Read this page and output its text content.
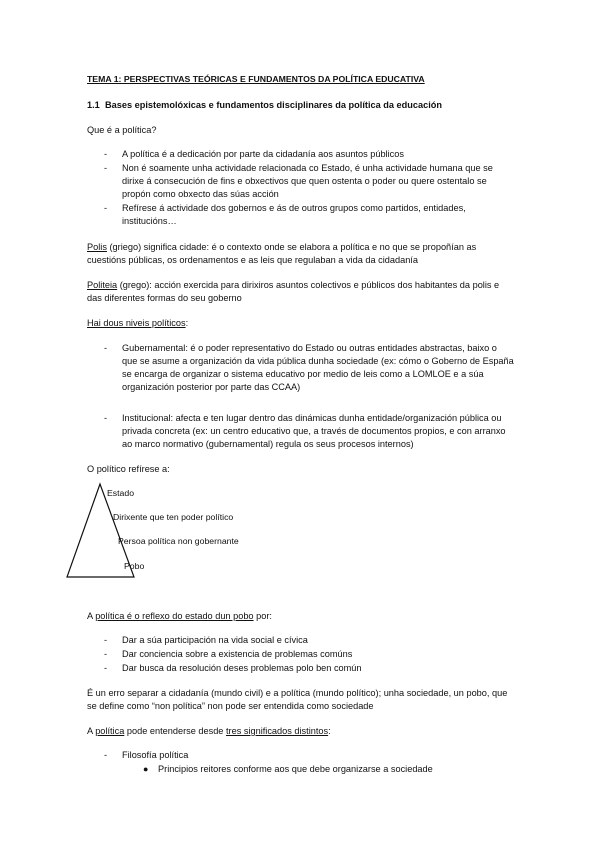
TEMA 1: PERSPECTIVAS TEÓRICAS E FUNDAMENTOS DA POLÍTICA EDUCATIVA
1.1 Bases epistemolóxicas e fundamentos disciplinares da política da educación
Que é a política?
- A política é a dedicación por parte da cidadanía aos asuntos públicos
- Non é soamente unha actividade relacionada co Estado, é unha actividade humana que se
dirixe á consecución de fins e obxectivos que quen ostenta o poder ou quere ostentalo se
propón como obxecto das súas acción
- Refírese á actividade dos gobernos e ás de outros grupos como partidos, entidades,
institucións…
Polis (griego) significa cidade: é o contexto onde se elabora a política e no que se propoñían as
cuestións públicas, os ordenamentos e as leis que regulaban a vida da cidadanía
Politeia (grego): acción exercida para dirixiros asuntos colectivos e públicos dos habitantes da polis e
das diferentes formas do seu goberno
Hai dous niveis políticos:
- Gubernamental: é o poder representativo do Estado ou outras entidades abstractas, baixo o
que se asume a organización da vida pública dunha sociedade (ex: cómo o Goberno de España
se encarga de organizar o sistema educativo por medio de leis como a LOMLOE e a súa
organización posterior por parte das CCAA)
- Institucional: afecta e ten lugar dentro das dinámicas dunha entidade/organización pública ou
privada concreta (ex: un centro educativo que, a través de documentos propios, e con arranxo
ao marco normativo (gubernamental) regula os seus procesos internos)
O político refírese a:
Estado
Dirixente que ten poder político
Persoa política non gobernante
Pobo
A política é o reflexo do estado dun pobo por:
- Dar a súa participación na vida social e cívica
- Dar conciencia sobre a existencia de problemas comúns
- Dar busca da resolución deses problemas polo ben común
É un erro separar a cidadanía (mundo civil) e a política (mundo político); unha sociedade, un pobo, que
se define como “non política” non pode ser entendida como sociedade
A política pode entenderse desde tres significados distintos:
- Filosofía política
● Principios reitores conforme aos que debe organizarse a sociedade
